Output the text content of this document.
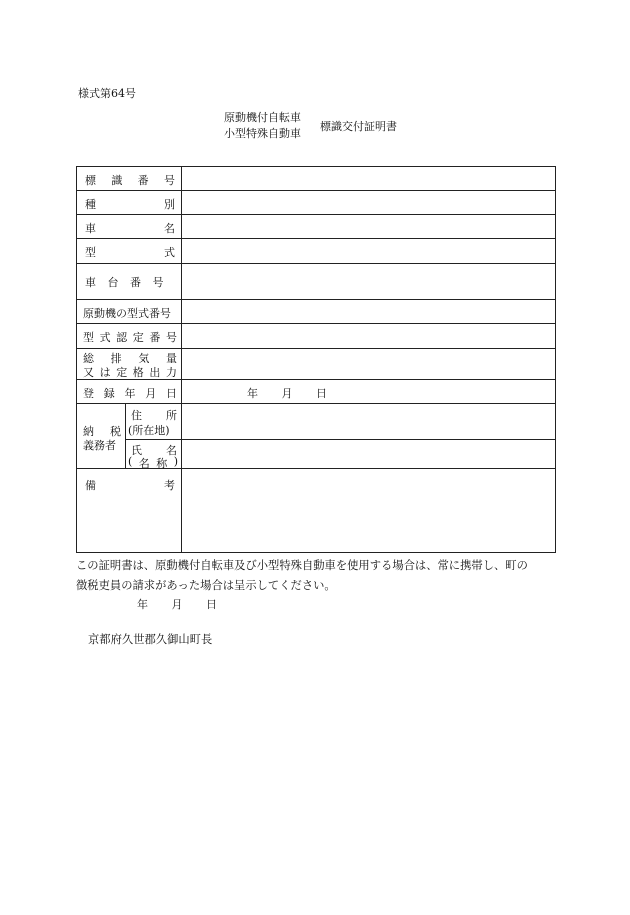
様式第64号
原動機付自転車
小型特殊自動車
標識交付証明書
標 識 番 号
種	別
車	名
型	式
車 台 番 号
原動機の型式番号
型 式 認 定 番 号
総 排 気 量
又 は 定 格 出 力
登 録 年 月 日	年 月 日
納 税
義務者
住 所
(所在地)
氏 名
( 名 称 )
備	考
この証明書は、原動機付自転車及び小型特殊自動車を使用する場合は、常に携帯し、町の
徴税吏員の請求があった場合は呈示してください。
年 月 日
京都府久世郡久御山町長
